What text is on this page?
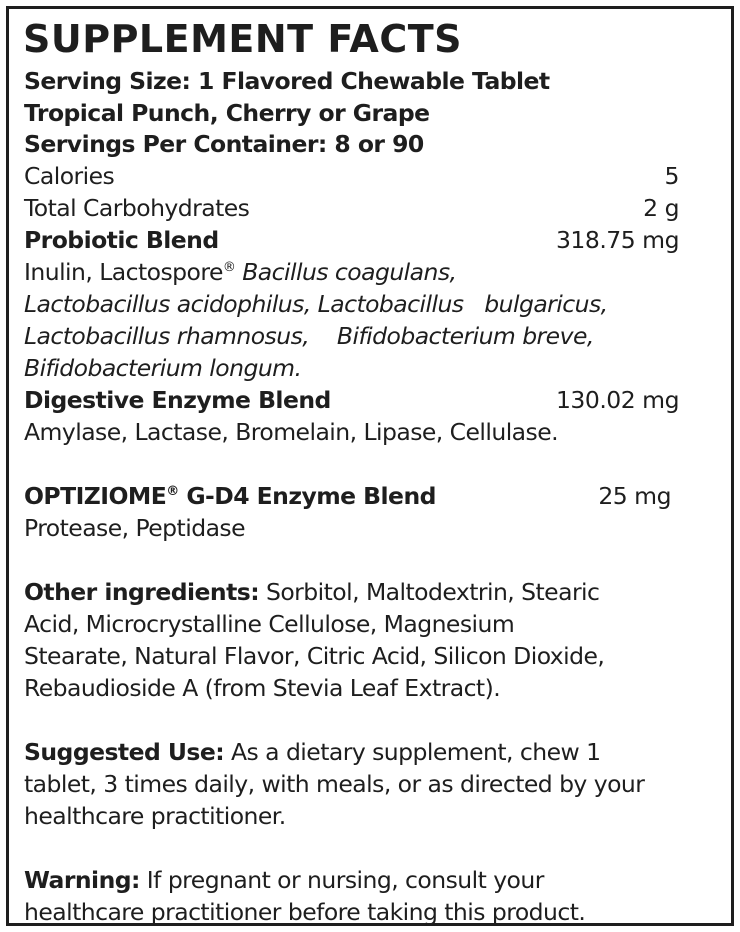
SUPPLEMENT FACTS
Serving Size: 1 Flavored Chewable Tablet
Tropical Punch, Cherry or Grape
Servings Per Container: 8 or 90
Calories	5
Total Carbohydrates	2 g
Probiotic Blend	318.75 mg
Inulin, Lactospore® Bacillus coagulans,
Lactobacillus acidophilus, Lactobacillus   bulgaricus,
Lactobacillus rhamnosus,    Bifidobacterium breve,
Bifidobacterium longum.
Digestive Enzyme Blend	130.02 mg
Amylase, Lactase, Bromelain, Lipase, Cellulase.
OPTIZIOME® G-D4 Enzyme Blend	25 mg
Protease, Peptidase
Other ingredients: Sorbitol, Maltodextrin, Stearic
Acid, Microcrystalline Cellulose, Magnesium
Stearate, Natural Flavor, Citric Acid, Silicon Dioxide,
Rebaudioside A (from Stevia Leaf Extract).
Suggested Use: As a dietary supplement, chew 1
tablet, 3 times daily, with meals, or as directed by your
healthcare practitioner.
Warning: If pregnant or nursing, consult your
healthcare practitioner before taking this product.
